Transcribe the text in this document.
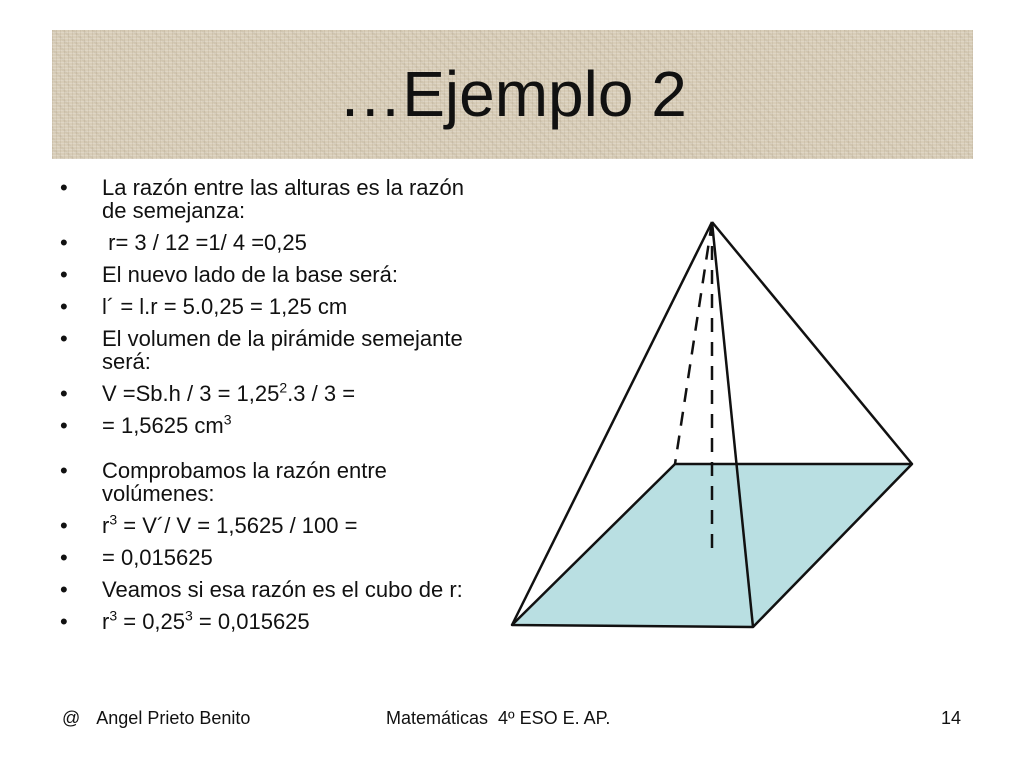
…Ejemplo 2
• La razón entre las alturas es la razón de semejanza:
• r= 3 / 12 =1/ 4 =0,25
• El nuevo lado de la base será:
• l´ = l.r = 5.0,25 = 1,25 cm
• El volumen de la pirámide semejante será:
• $V =Sb.h / 3 = 1,25^2.3 / 3$ =
• = 1,5625 $cm^3$
• Comprobamos la razón entre volúmenes:
• $r^3$ = V´/ V = 1,5625 / 100 =
• = 0,015625
• Veamos si esa razón es el cubo de r:
• $r^3 = 0,25^3 = 0,015625$
@ Angel Prieto Benito	Matemáticas  4º ESO E. AP.	14
